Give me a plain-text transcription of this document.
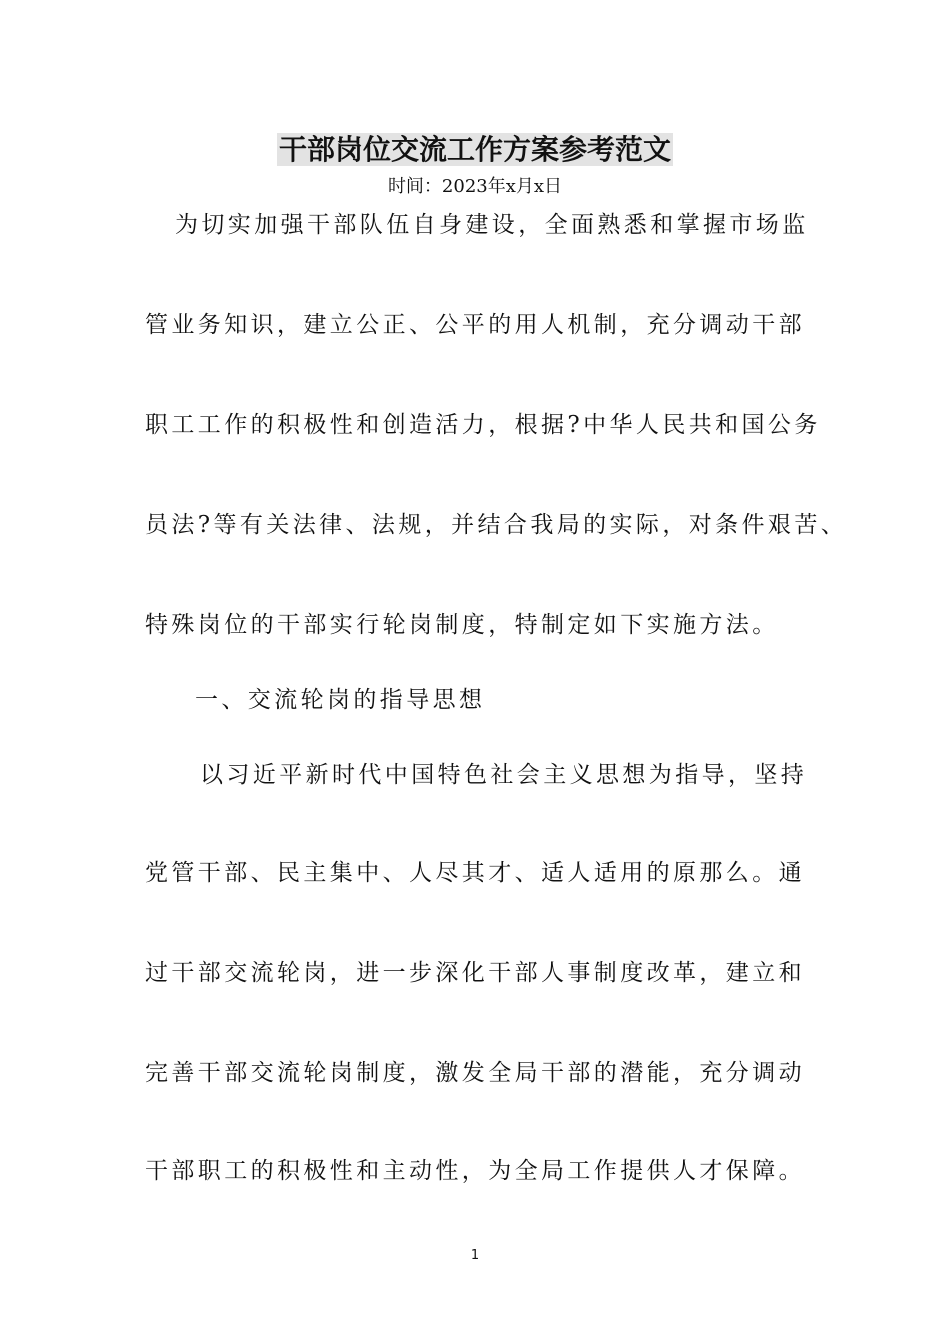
干部岗位交流工作方案参考范文
时间：2023年x月x日
为切实加强干部队伍自身建设，全面熟悉和掌握市场监
管业务知识，建立公正、公平的用人机制，充分调动干部
职工工作的积极性和创造活力，根据?中华人民共和国公务
员法?等有关法律、法规，并结合我局的实际，对条件艰苦、
特殊岗位的干部实行轮岗制度，特制定如下实施方法。
一、交流轮岗的指导思想
以习近平新时代中国特色社会主义思想为指导，坚持
党管干部、民主集中、人尽其才、适人适用的原那么。通
过干部交流轮岗，进一步深化干部人事制度改革，建立和
完善干部交流轮岗制度，激发全局干部的潜能，充分调动
干部职工的积极性和主动性，为全局工作提供人才保障。
1
